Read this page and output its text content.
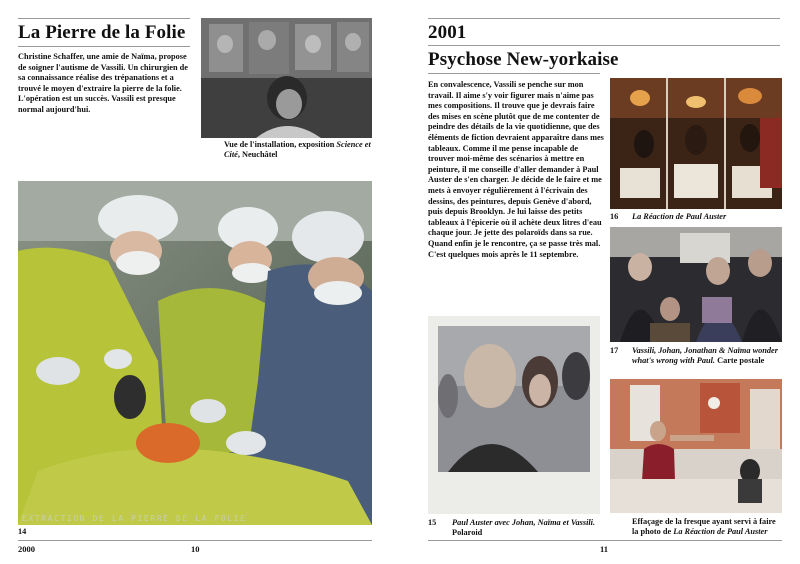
La Pierre de la Folie
Christine Schaffer, une amie de Naïma, propose de soigner l'autisme de Vassili. Un chirurgien de sa connaissance réalise des trépanations et a trouvé le moyen d'extraire la pierre de la folie. L'opération est un succès. Vassili est presque normal aujourd'hui.
Vue de l'installation, exposition Science et Cité, Neuchâtel
EXTRACTION DE LA PIERRE DE LA FOLIE
14
2000	10
2001
Psychose New-yorkaise
En convalescence, Vassili se penche sur mon travail. Il aime s'y voir figurer mais n'aime pas mes compositions. Il trouve que je devrais faire des mises en scène plutôt que de me contenter de peindre des détails de la vie quotidienne, que des éléments de fiction devraient apparaître dans mes tableaux. Comme il me pense incapable de trouver moi-même des scénarios à mettre en peinture, il me conseille d'aller demander à Paul Auster de s'en charger. Je décide de le faire et me mets à envoyer régulièrement à l'écrivain des dessins, des peintures, depuis Genève d'abord, puis depuis Brooklyn. Je lui laisse des petits tableaux à l'épicerie où il achète deux litres d'eau chaque jour. Je jette des polaroïds dans sa rue. Quand enfin je le rencontre, ça se passe très mal. C'est quelques mois après le 11 septembre.
15 Paul Auster avec Johan, Naïma et Vassili. Polaroid
16 La Réaction de Paul Auster
17 Vassili, Johan, Jonathan & Naïma wonder what's wrong with Paul. Carte postale
Effaçage de la fresque ayant servi à faire la photo de La Réaction de Paul Auster
11
